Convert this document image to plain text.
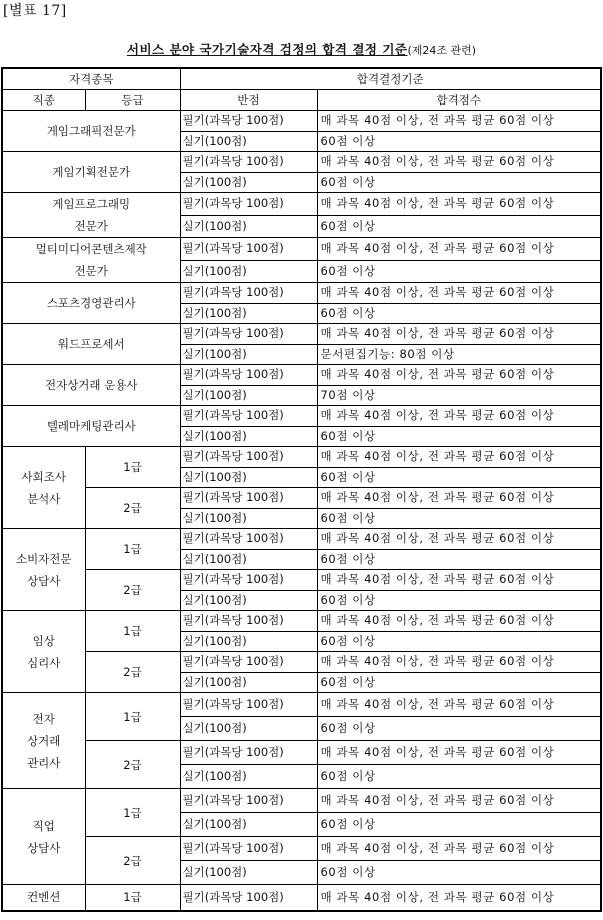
[별표 17]
서비스 분야 국가기술자격 검정의 합격 결정 기준(제24조 관련)
자격종목		합격결정기준	
직종	등급	반점	합격점수
게임그래픽전문가		필기(과목당 100점)	매 과목 40점 이상, 전 과목 평균 60점 이상
		실기(100점)	60점 이상
게임기획전문가		필기(과목당 100점)	매 과목 40점 이상, 전 과목 평균 60점 이상
		실기(100점)	60점 이상
게임프로그래밍
전문가		필기(과목당 100점)	매 과목 40점 이상, 전 과목 평균 60점 이상
		실기(100점)	60점 이상
멀티미디어콘텐츠제작
전문가		필기(과목당 100점)	매 과목 40점 이상, 전 과목 평균 60점 이상
		실기(100점)	60점 이상
스포츠경영관리사		필기(과목당 100점)	매 과목 40점 이상, 전 과목 평균 60점 이상
		실기(100점)	60점 이상
워드프로세서		필기(과목당 100점)	매 과목 40점 이상, 전 과목 평균 60점 이상
		실기(100점)	문서편집기능: 80점 이상
전자상거래 운용사		필기(과목당 100점)	매 과목 40점 이상, 전 과목 평균 60점 이상
		실기(100점)	70점 이상
텔레마케팅관리사		필기(과목당 100점)	매 과목 40점 이상, 전 과목 평균 60점 이상
		실기(100점)	60점 이상
사회조사
분석사	1급	필기(과목당 100점)	매 과목 40점 이상, 전 과목 평균 60점 이상
		실기(100점)	60점 이상
	2급	필기(과목당 100점)	매 과목 40점 이상, 전 과목 평균 60점 이상
		실기(100점)	60점 이상
소비자전문
상담사	1급	필기(과목당 100점)	매 과목 40점 이상, 전 과목 평균 60점 이상
		실기(100점)	60점 이상
	2급	필기(과목당 100점)	매 과목 40점 이상, 전 과목 평균 60점 이상
		실기(100점)	60점 이상
임상
심리사	1급	필기(과목당 100점)	매 과목 40점 이상, 전 과목 평균 60점 이상
		실기(100점)	60점 이상
	2급	필기(과목당 100점)	매 과목 40점 이상, 전 과목 평균 60점 이상
		실기(100점)	60점 이상
전자
상거래
관리사	1급	필기(과목당 100점)	매 과목 40점 이상, 전 과목 평균 60점 이상
		실기(100점)	60점 이상
	2급	필기(과목당 100점)	매 과목 40점 이상, 전 과목 평균 60점 이상
		실기(100점)	60점 이상
직업
상담사	1급	필기(과목당 100점)	매 과목 40점 이상, 전 과목 평균 60점 이상
		실기(100점)	60점 이상
	2급	필기(과목당 100점)	매 과목 40점 이상, 전 과목 평균 60점 이상
		실기(100점)	60점 이상
컨벤션	1급	필기(과목당 100점)	매 과목 40점 이상, 전 과목 평균 60점 이상
